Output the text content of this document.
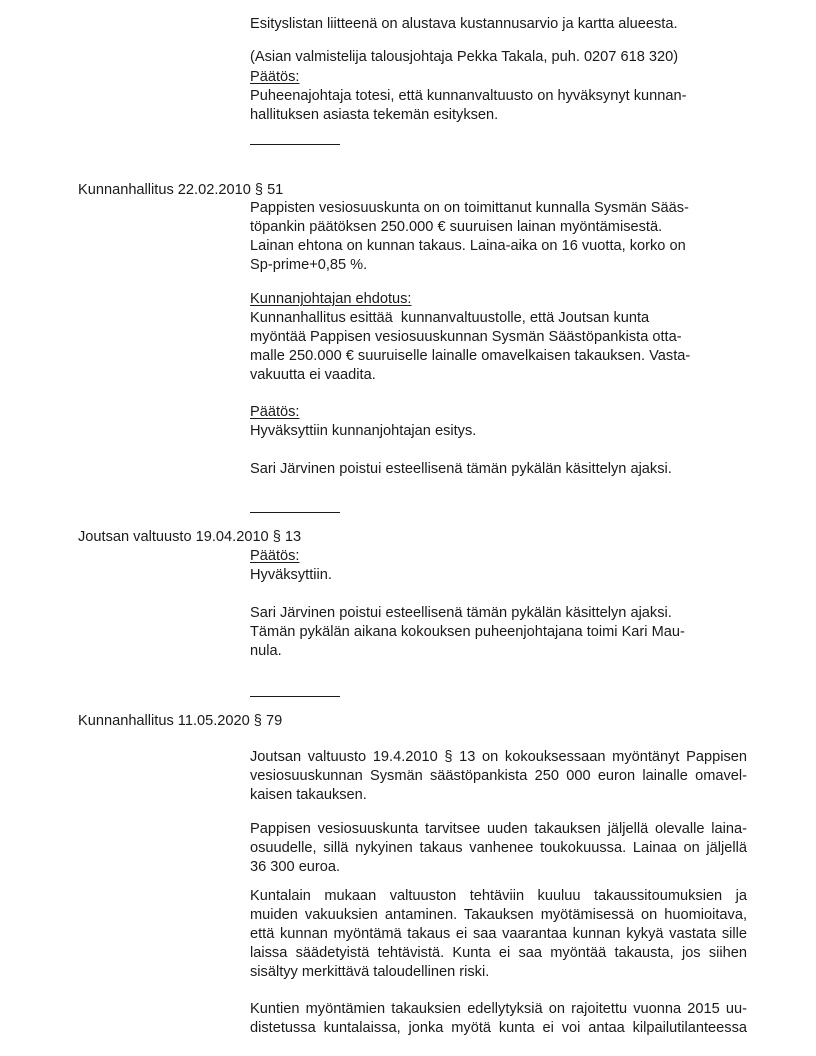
Esityslistan liitteenä on alustava kustannusarvio ja kartta alueesta.
(Asian valmistelija talousjohtaja Pekka Takala, puh. 0207 618 320)
Päätös:
Puheenajohtaja totesi, että kunnanvaltuusto on hyväksynyt kunnan-
hallituksen asiasta tekemän esityksen.
Kunnanhallitus 22.02.2010 § 51
Pappisten vesiosuuskunta on on toimittanut kunnalla Sysmän Sääs-
töpankin päätöksen 250.000 € suuruisen lainan myöntämisestä.
Lainan ehtona on kunnan takaus. Laina-aika on 16 vuotta, korko on
Sp-prime+0,85 %.
Kunnanjohtajan ehdotus:
Kunnanhallitus esittää  kunnanvaltuustolle, että Joutsan kunta
myöntää Pappisen vesiosuuskunnan Sysmän Säästöpankista otta-
malle 250.000 € suuruiselle lainalle omavelkaisen takauksen. Vasta-
vakuutta ei vaadita.
Päätös:
Hyväksyttiin kunnanjohtajan esitys.
Sari Järvinen poistui esteellisenä tämän pykälän käsittelyn ajaksi.
Joutsan valtuusto 19.04.2010 § 13
Päätös:
Hyväksyttiin.
Sari Järvinen poistui esteellisenä tämän pykälän käsittelyn ajaksi.
Tämän pykälän aikana kokouksen puheenjohtajana toimi Kari Mau-
nula.
Kunnanhallitus 11.05.2020 § 79
Joutsan valtuusto 19.4.2010 § 13 on kokouksessaan myöntänyt Pappisen
vesiosuuskunnan Sysmän säästöpankista 250 000 euron lainalle omavel-
kaisen takauksen.
Pappisen vesiosuuskunta tarvitsee uuden takauksen jäljellä olevalle laina-
osuudelle, sillä nykyinen takaus vanhenee toukokuussa. Lainaa on jäljellä
36 300 euroa.
Kuntalain mukaan valtuuston tehtäviin kuuluu takaussitoumuksien ja
muiden vakuuksien antaminen. Takauksen myötämisessä on huomioitava,
että kunnan myöntämä takaus ei saa vaarantaa kunnan kykyä vastata sille
laissa säädetyistä tehtävistä. Kunta ei saa myöntää takausta, jos siihen
sisältyy merkittävä taloudellinen riski.
Kuntien myöntämien takauksien edellytyksiä on rajoitettu vuonna 2015 uu-
distetussa kuntalaissa, jonka myötä kunta ei voi antaa kilpailutilanteessa
